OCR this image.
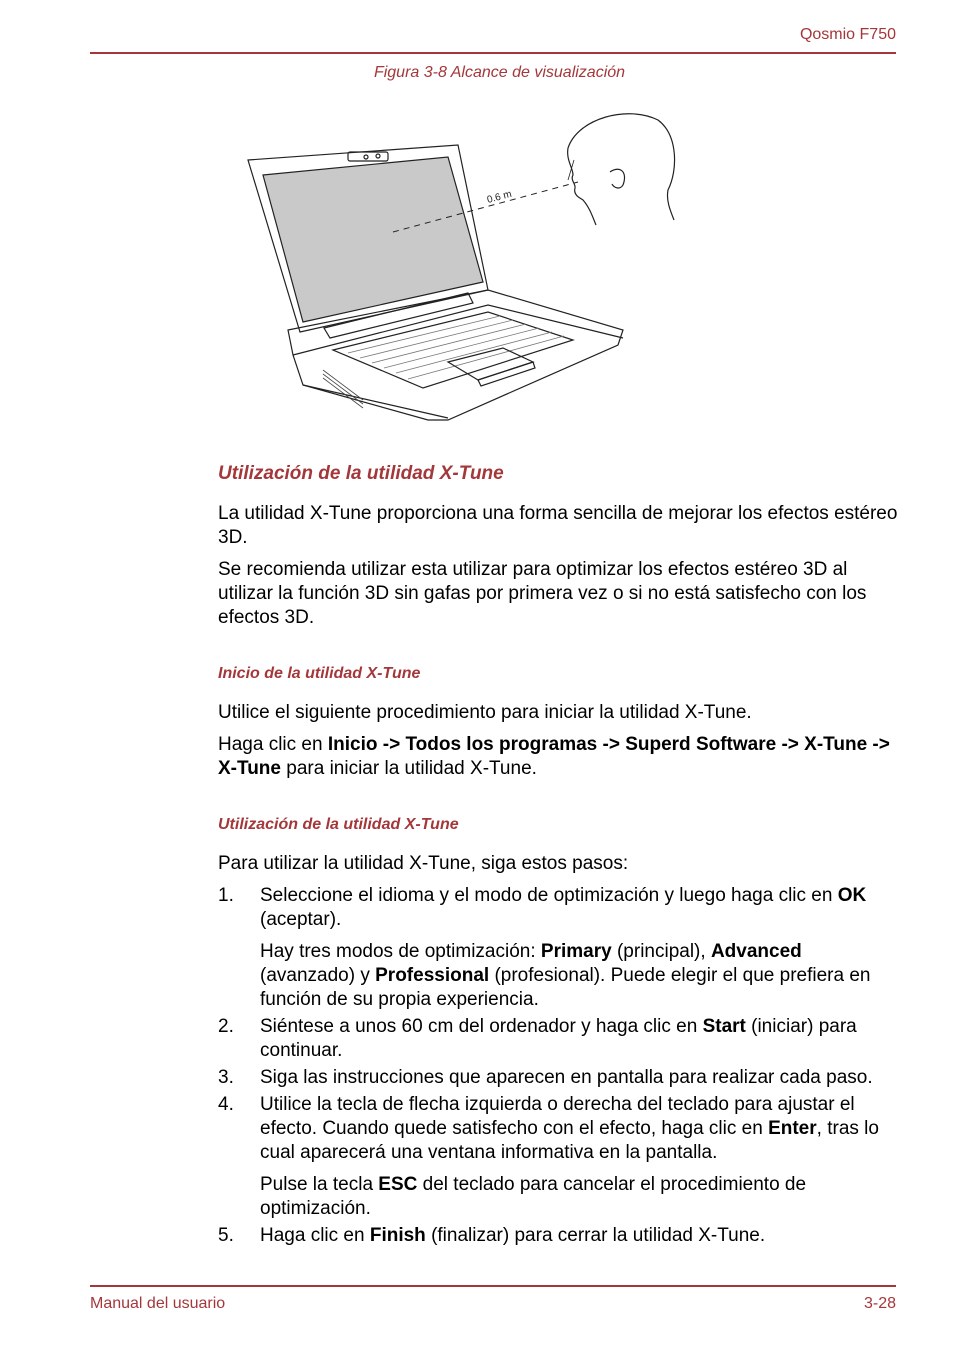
Qosmio F750
Figura 3-8 Alcance de visualización
0.6 m
Utilización de la utilidad X-Tune

La utilidad X-Tune proporciona una forma sencilla de mejorar los efectos estéreo 3D.

Se recomienda utilizar esta utilizar para optimizar los efectos estéreo 3D al utilizar la función 3D sin gafas por primera vez o si no está satisfecho con los efectos 3D.

Inicio de la utilidad X-Tune

Utilice el siguiente procedimiento para iniciar la utilidad X-Tune.

Haga clic en Inicio -> Todos los programas -> Superd Software -> X-Tune -> X-Tune para iniciar la utilidad X-Tune.

Utilización de la utilidad X-Tune

Para utilizar la utilidad X-Tune, siga estos pasos:

1. Seleccione el idioma y el modo de optimización y luego haga clic en OK (aceptar).
Hay tres modos de optimización: Primary (principal), Advanced (avanzado) y Professional (profesional). Puede elegir el que prefiera en función de su propia experiencia.
2. Siéntese a unos 60 cm del ordenador y haga clic en Start (iniciar) para continuar.
3. Siga las instrucciones que aparecen en pantalla para realizar cada paso.
4. Utilice la tecla de flecha izquierda o derecha del teclado para ajustar el efecto. Cuando quede satisfecho con el efecto, haga clic en Enter, tras lo cual aparecerá una ventana informativa en la pantalla.
Pulse la tecla ESC del teclado para cancelar el procedimiento de optimización.
5. Haga clic en Finish (finalizar) para cerrar la utilidad X-Tune.
Manual del usuario	3-28
